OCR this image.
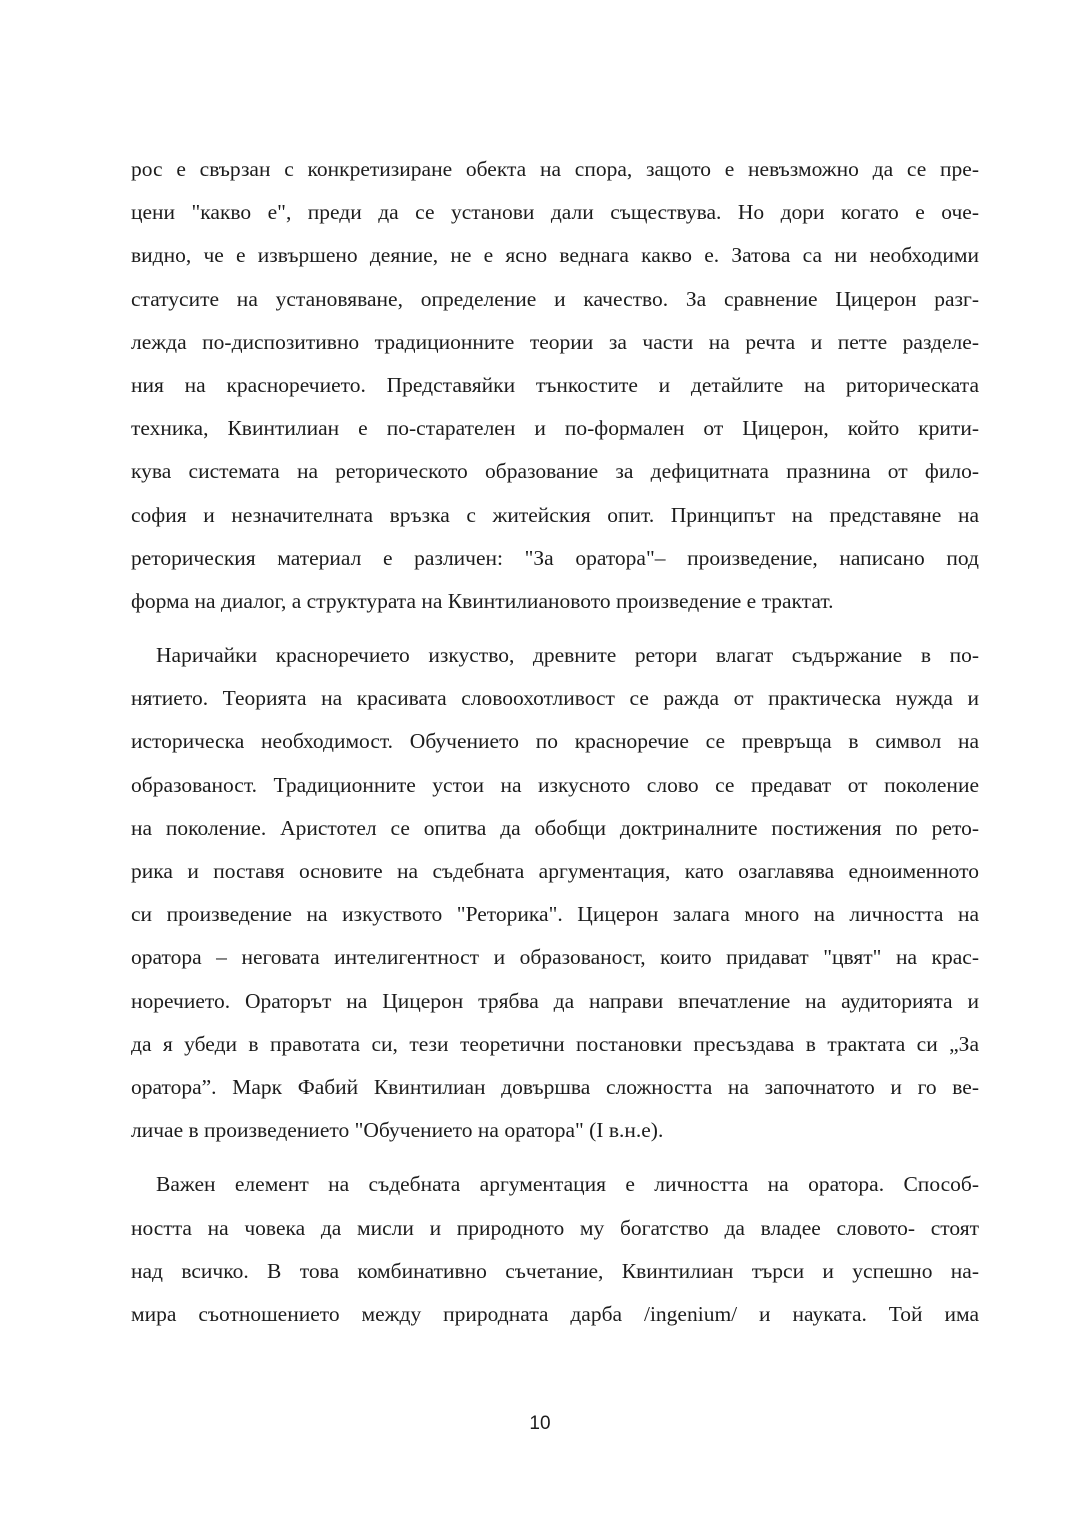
рос е свързан с конкретизиране обекта на спора, защото е невъзможно да се пре-
цени "какво е", преди да се установи дали съществува. Но дори когато е оче-
видно, че е извършено деяние, не е ясно веднага какво е. Затова са ни необходими
статусите на установяване, определение и качество. За сравнение Цицерон разг-
лежда по-диспозитивно традиционните теории за части на речта и петте разделе-
ния на красноречието. Представяйки тънкостите и детайлите на риторическата
техника, Квинтилиан е по-старателен и по-формален от Цицерон, който крити-
кува системата на реторическото образование за дефицитната празнина от фило-
софия и незначителната връзка с житейския опит. Принципът на представяне на
реторическия материал е различен: "За оратора"– произведение, написано под
форма на диалог, а структурата на Квинтилиановото произведение е трактат.

Наричайки красноречието изкуство, древните ретори влагат съдържание в по-
нятието. Теорията на красивата словоохотливост се ражда от практическа нужда и
историческа необходимост. Обучението по красноречие се превръща в символ на
образованост. Традиционните устои на изкусното слово се предават от поколение
на поколение. Аристотел се опитва да обобщи доктриналните постижения по рето-
рика и поставя основите на съдебната аргументация, като озаглавява едноименното
си произведение на изкуството "Реторика". Цицерон залага много на личността на
оратора – неговата интелигентност и образованост, които придават "цвят" на крас-
норечието. Ораторът на Цицерон трябва да направи впечатление на аудиторията и
да я убеди в правотата си, тези теоретични постановки пресъздава в трактата си „За
оратора”. Марк Фабий Квинтилиан довършва сложността на започнатото и го ве-
личае в произведението "Обучението на оратора" (I в.н.е).

Важен елемент на съдебната аргументация е личността на оратора. Способ-
ността на човека да мисли и природното му богатство да владее словото- стоят
над всичко. В това комбинативно съчетание, Квинтилиан търси и успешно на-
мира съотношението между природната дарба /ingenium/ и науката. Той има

10
